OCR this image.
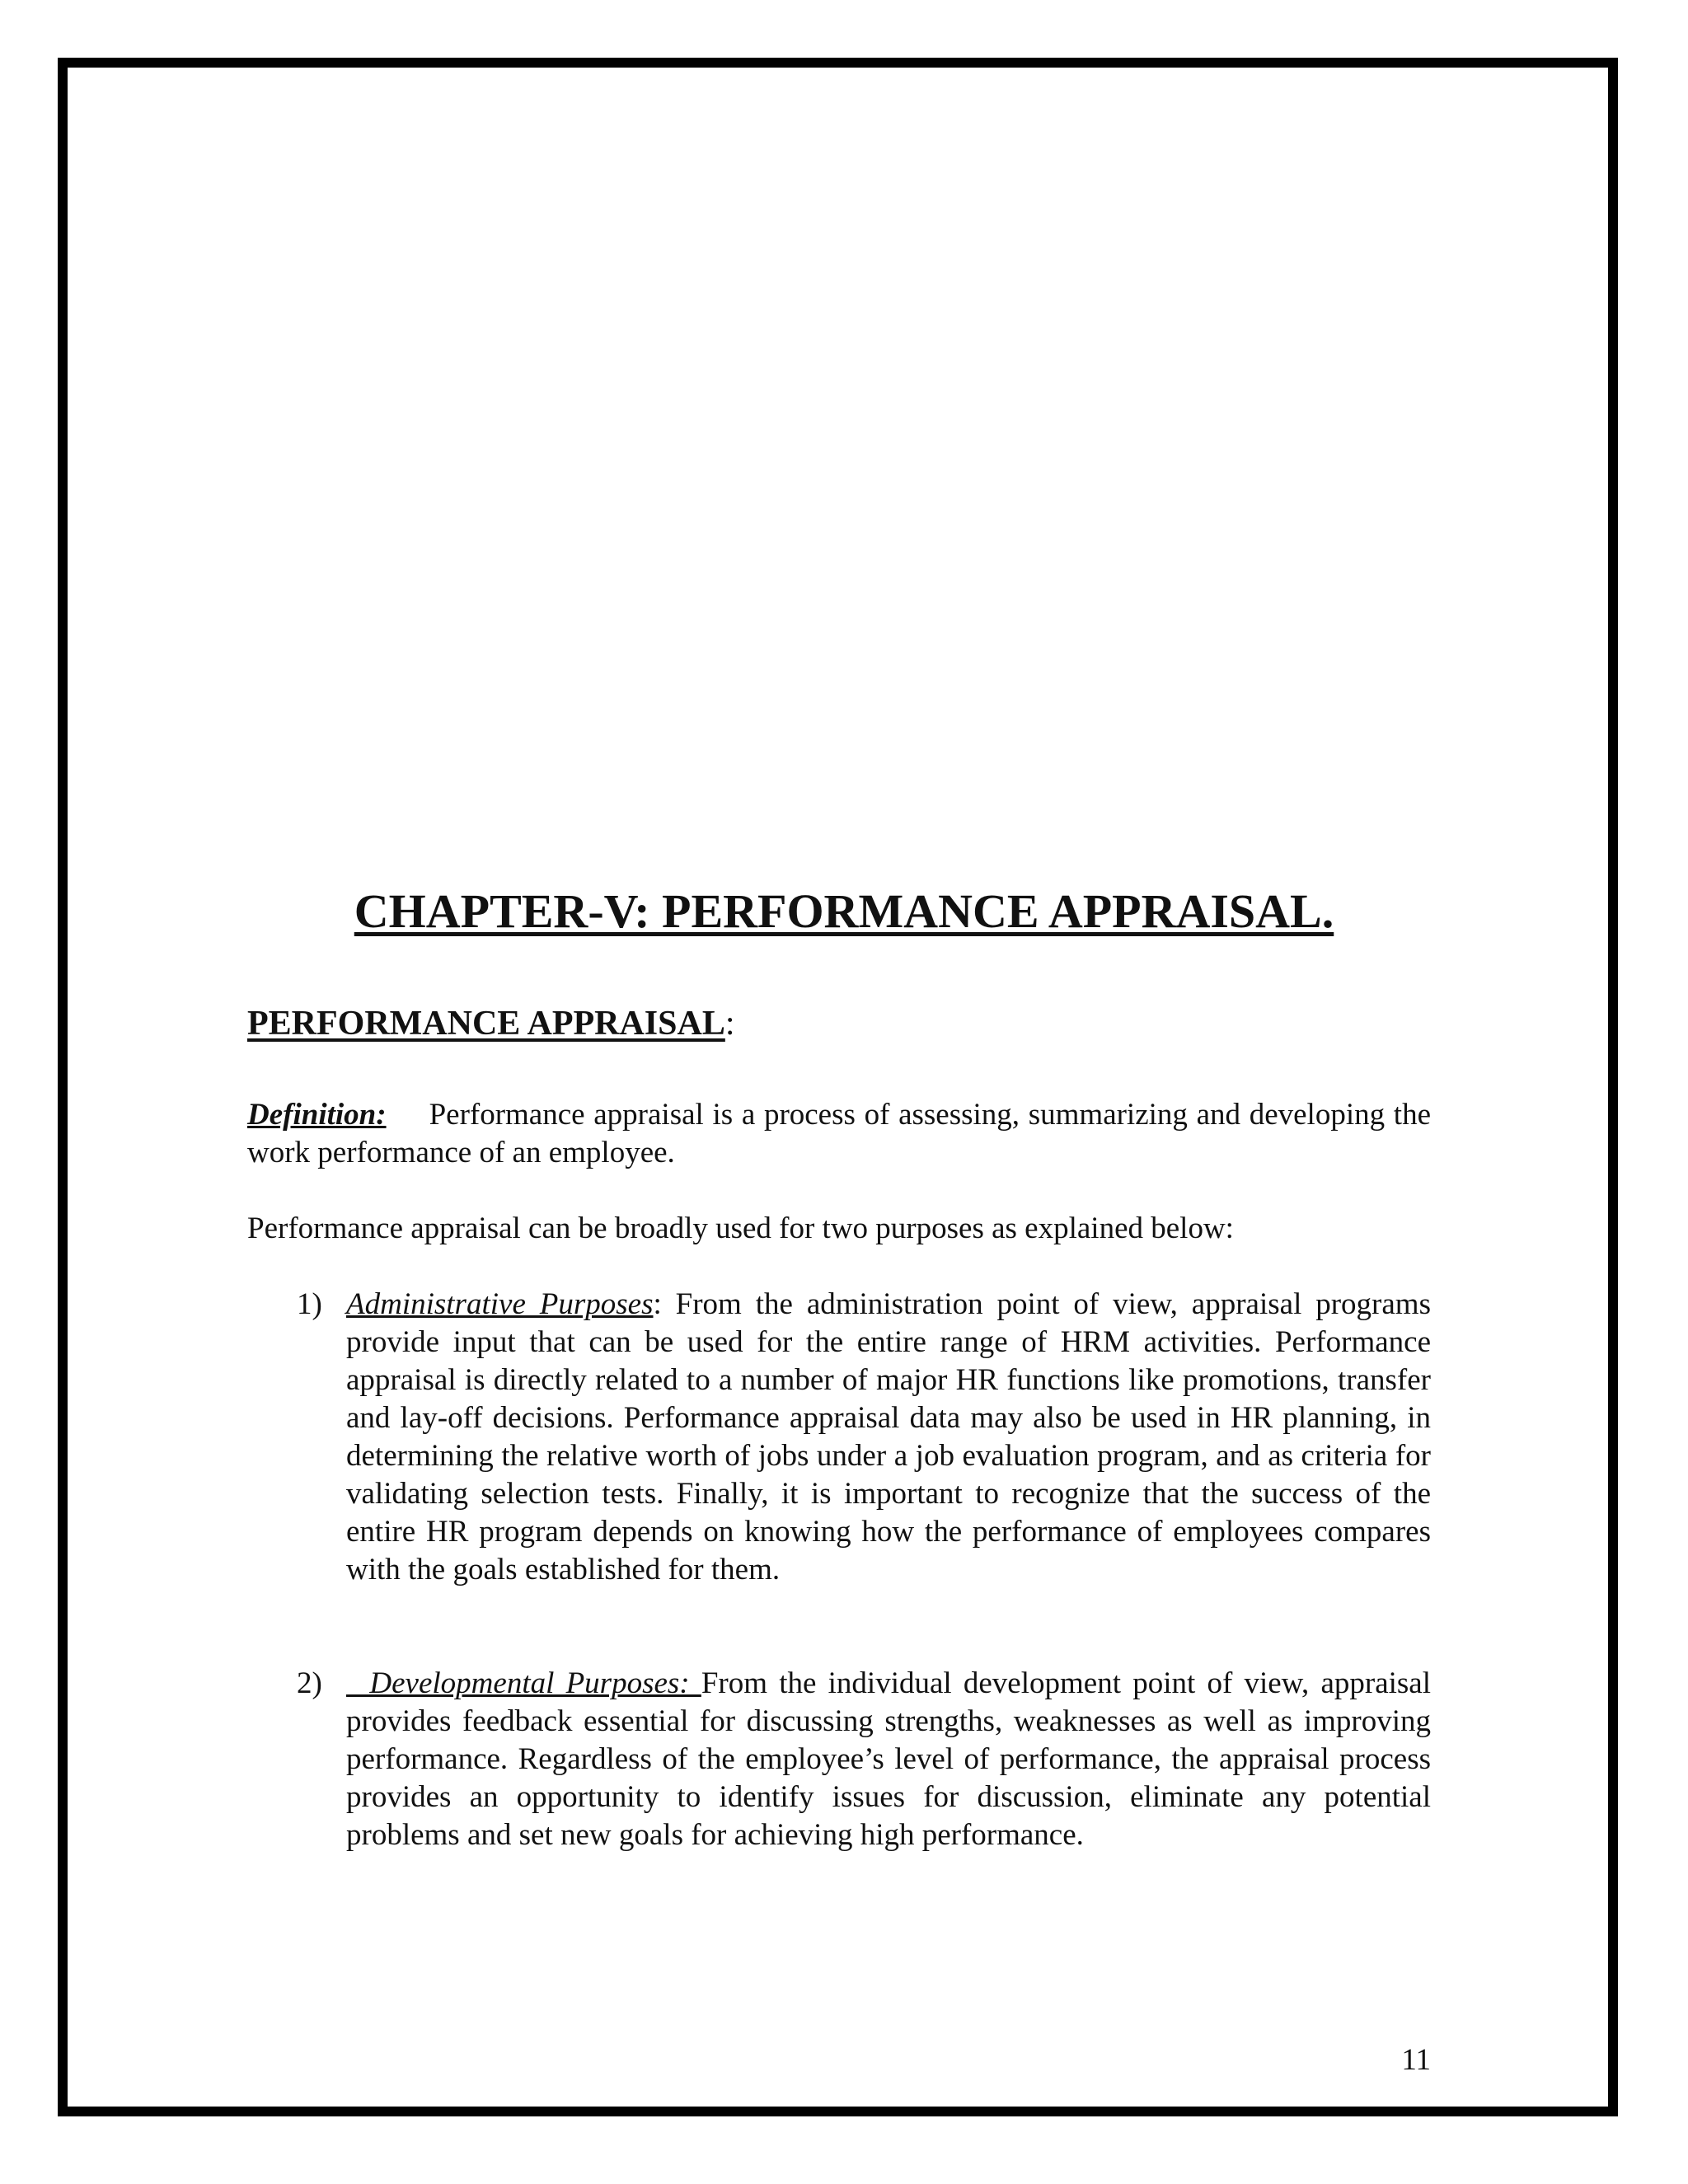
CHAPTER-V: PERFORMANCE APPRAISAL.
PERFORMANCE APPRAISAL:

Definition: Performance appraisal is a process of assessing, summarizing and developing the work performance of an employee.

Performance appraisal can be broadly used for two purposes as explained below:

1) Administrative Purposes: From the administration point of view, appraisal programs provide input that can be used for the entire range of HRM activities. Performance appraisal is directly related to a number of major HR functions like promotions, transfer and lay-off decisions. Performance appraisal data may also be used in HR planning, in determining the relative worth of jobs under a job evaluation program, and as criteria for validating selection tests. Finally, it is important to recognize that the success of the entire HR program depends on knowing how the performance of employees compares with the goals established for them.
2) Developmental Purposes: From the individual development point of view, appraisal provides feedback essential for discussing strengths, weaknesses as well as improving performance. Regardless of the employee’s level of performance, the appraisal process provides an opportunity to identify issues for discussion, eliminate any potential problems and set new goals for achieving high performance.
11
